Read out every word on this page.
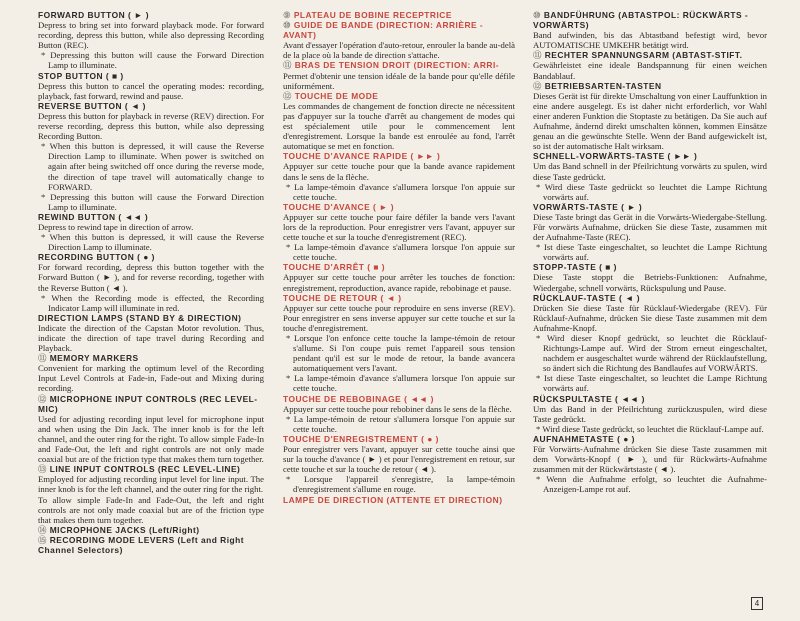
FORWARD BUTTON ( ► )
Depress to bring set into forward playback mode. For forward recording, depress this button, while also depressing Recording Button (REC).
* Depressing this button will cause the Forward Direction Lamp to illuminate.
STOP BUTTON ( ■ )
Depress this button to cancel the operating modes: recording, playback, fast forward, rewind and pause.
REVERSE BUTTON ( ◄ )
Depress this button for playback in reverse (REV) direction. For reverse recording, depress this button, while also depressing Recording Button.
* When this button is depressed, it will cause the Reverse Direction Lamp to illuminate. When power is switched on again after being switched off once during the reverse mode, the direction of tape travel will automatically change to FORWARD.
* Depressing this button will cause the Forward Direction Lamp to illuminate.
REWIND BUTTON ( ◄◄ )
Depress to rewind tape in direction of arrow.
* When this button is depressed, it will cause the Reverse Direction Lamp to illuminate.
RECORDING BUTTON ( ● )
For forward recording, depress this button together with the Forward Button ( ► ), and for reverse recording, together with the Reverse Button ( ◄ ).
* When the Recording mode is effected, the Recording Indicator Lamp will illuminate in red.
DIRECTION LAMPS (STAND BY & DIRECTION)
Indicate the direction of the Capstan Motor revolution. Thus, indicate the direction of tape travel during Recording and Playback.
⑪ MEMORY MARKERS
Convenient for marking the optimum level of the Recording Input Level Controls at Fade-in, Fade-out and Mixing during recording.
⑫ MICROPHONE INPUT CONTROLS (REC LEVEL-MIC)
Used for adjusting recording input level for microphone input and when using the Din Jack. The inner knob is for the left channel, and the outer ring for the right. To allow simple Fade-In and Fade-Out, the left and right controls are not only made coaxial but are of the friction type that makes them turn together.
⑬ LINE INPUT CONTROLS (REC LEVEL-LINE)
Employed for adjusting recording input level for line input. The inner knob is for the left channel, and the outer ring for the right.
To allow simple Fade-In and Fade-Out, the left and right controls are not only made coaxial but are of the friction type that makes them turn together.
⑭ MICROPHONE JACKS (Left/Right)
⑮ RECORDING MODE LEVERS (Left and Right Channel Selectors)
⑨ PLATEAU DE BOBINE RECEPTRICE
⑩ GUIDE DE BANDE (DIRECTION: ARRIÈRE - AVANT)
Avant d'essayer l'opération d'auto-retour, enrouler la bande au-delà de la place où la bande de direction s'attache.
⑪ BRAS DE TENSION DROIT (DIRECTION: ARRI-
Permet d'obtenir une tension idéale de la bande pour qu'elle défile uniformément.
⑫ TOUCHE DE MODE
Les commandes de changement de fonction directe ne nécessitent pas d'appuyer sur la touche d'arrêt au changement de modes qui est spécialement utile pour le commencement lent d'enregistrement. Lorsque la bande est enroulée au fond, l'arrêt automatique se met en fonction.
TOUCHE D'AVANCE RAPIDE ( ►► )
Appuyer sur cette touche pour que la bande avance rapidement dans le sens de la flèche.
* La lampe-témoin d'avance s'allumera lorsque l'on appuie sur cette touche.
TOUCHE D'AVANCE ( ► )
Appuyer sur cette touche pour faire défiler la bande vers l'avant lors de la reproduction. Pour enregistrer vers l'avant, appuyer sur cette touche et sur la touche d'enregistrement (REC).
* La lampe-témoin d'avance s'allumera lorsque l'on appuie sur cette touche.
TOUCHE D'ARRÊT ( ■ )
Appuyer sur cette touche pour arrêter les touches de fonction: enregistrement, reproduction, avance rapide, rebobinage et pause.
TOUCHE DE RETOUR ( ◄ )
Appuyer sur cette touche pour reproduire en sens inverse (REV). Pour enregistrer en sens inverse appuyer sur cette touche et sur la touche d'enregistrement.
* Lorsque l'on enfonce cette touche la lampe-témoin de retour s'allume. Si l'on coupe puis remet l'appareil sous tension pendant qu'il est sur le mode de retour, la bande avancera automatiquement vers l'avant.
* La lampe-témoin d'avance s'allumera lorsque l'on appuie sur cette touche.
TOUCHE DE REBOBINAGE ( ◄◄ )
Appuyer sur cette touche pour rebobiner dans le sens de la flèche.
* La lampe-témoin de retour s'allumera lorsque l'on appuie sur cette touche.
TOUCHE D'ENREGISTREMENT ( ● )
Pour enregistrer vers l'avant, appuyer sur cette touche ainsi que sur la touche d'avance ( ► ) et pour l'enregistrement en retour, sur cette touche et sur la touche de retour ( ◄ ).
* Lorsque l'appareil s'enregistre, la lampe-témoin d'enregistrement s'allume en rouge.
LAMPE DE DIRECTION (ATTENTE ET DIRECTION)
⑩ BANDFÜHRUNG (ABTASTPOL: RÜCKWÄRTS - VORWÄRTS)
Band aufwinden, bis das Abtastband befestigt wird, bevor AUTOMATISCHE UMKEHR betätigt wird.
⑪ RECHTER SPANNUNGSARM (ABTAST-STIFT.
Gewährleistet eine ideale Bandspannung für einen weichen Bandablauf.
⑫ BETRIEBSARTEN-TASTEN
Dieses Gerät ist für direkte Umschaltung von einer Lauffunktion in eine andere ausgelegt. Es ist daher nicht erforderlich, vor Wahl einer anderen Funktion die Stoptaste zu betätigen. Da Sie auch auf Aufnahme, ändernd direkt umschalten können, kommen Einsätze genau an die gewünschte Stelle. Wenn der Band aufgewickelt ist, so ist der automatische Halt wirksam.
SCHNELL-VORWÄRTS-TASTE ( ►► )
Um das Band schnell in der Pfeilrichtung vorwärts zu spulen, wird diese Taste gedrückt.
* Wird diese Taste gedrückt so leuchtet die Lampe Richtung vorwärts auf.
VORWÄRTS-TASTE ( ► )
Diese Taste bringt das Gerät in die Vorwärts-Wiedergabe-Stellung. Für vorwärts Aufnahme, drücken Sie diese Taste, zusammen mit der Aufnahme-Taste (REC).
* Ist diese Taste eingeschaltet, so leuchtet die Lampe Richtung vorwärts auf.
STOPP-TASTE ( ■ )
Diese Taste stoppt die Betriebs-Funktionen: Aufnahme, Wiedergabe, schnell vorwärts, Rückspulung und Pause.
RÜCKLAUF-TASTE ( ◄ )
Drücken Sie diese Taste für Rücklauf-Wiedergabe (REV). Für Rücklauf-Aufnahme, drücken Sie diese Taste zusammen mit dem Aufnahme-Knopf.
* Wird dieser Knopf gedrückt, so leuchtet die Rücklauf-Richtungs-Lampe auf. Wird der Strom erneut eingeschaltet, nachdem er ausgeschaltet wurde während der Rücklaufstellung, so ändert sich die Richtung des Bandlaufes auf VORWÄRTS.
* Ist diese Taste eingeschaltet, so leuchtet die Lampe Richtung vorwärts auf.
RÜCKSPULTASTE ( ◄◄ )
Um das Band in der Pfeilrichtung zurückzuspulen, wird diese Taste gedrückt.
* Wird diese Taste gedrückt, so leuchtet die Rücklauf-Lampe auf.
AUFNAHMETASTE ( ● )
Für Vorwärts-Aufnahme drücken Sie diese Taste zusammen mit dem Vorwärts-Knopf ( ► ), und für Rückwärts-Aufnahme zusammen mit der Rückwärtstaste ( ◄ ).
* Wenn die Aufnahme erfolgt, so leuchtet die Aufnahme-Anzeigen-Lampe rot auf.
4
